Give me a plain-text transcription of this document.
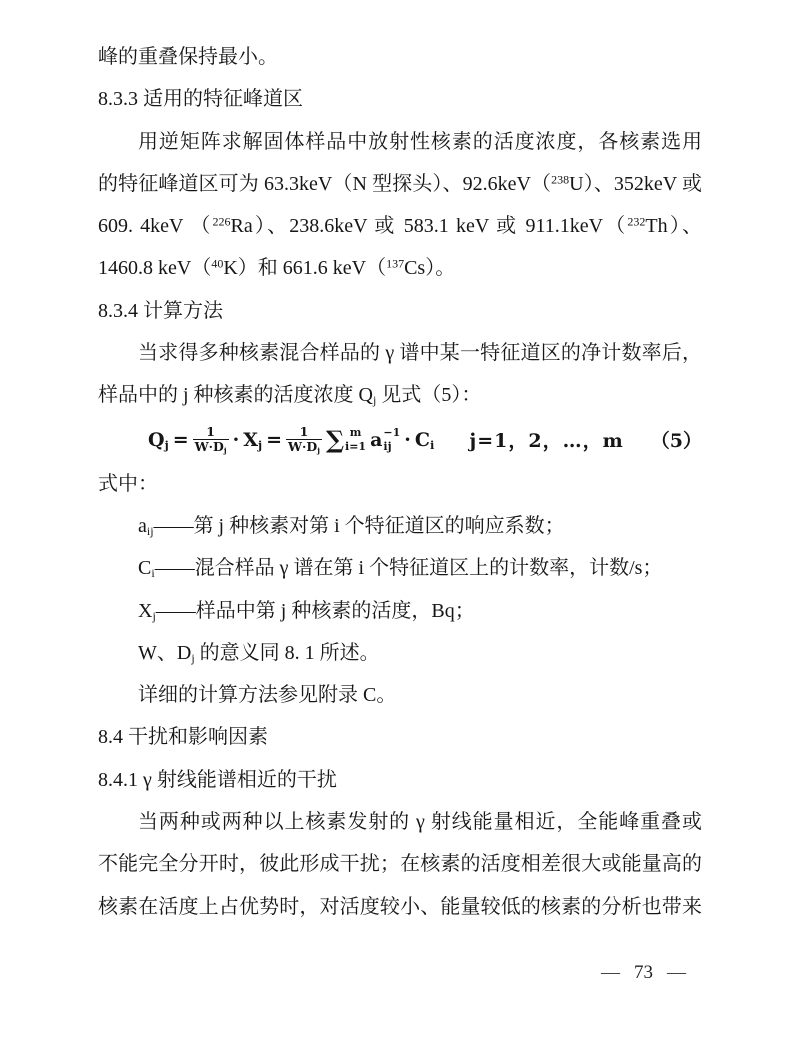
峰的重叠保持最小。

8.3.3 适用的特征峰道区

用逆矩阵求解固体样品中放射性核素的活度浓度，各核素选用

的特征峰道区可为 63.3keV（N 型探头）、92.6keV（$^{238}$U）、352keV 或

609. 4keV （$^{226}$Ra）、238.6keV 或 583.1 keV 或 911.1keV（$^{232}$Th）、

1460.8 keV（$^{40}$K）和 661.6 keV（$^{137}$Cs）。

8.3.4 计算方法

当求得多种核素混合样品的 γ 谱中某一特征道区的净计数率后，

样品中的 j 种核素的活度浓度 $Q_j$ 见式（5）：

$Q_j = \frac{1}{W\cdot D_j} \cdot X_j = \frac{1}{W\cdot D_j}$ ∑ m
i=1 a −1
ij · $C_i$ j=1，2，…，m （5）

式中：

$a_{ij}——$第 j 种核素对第 i 个特征道区的响应系数；

$C_i——$混合样品 γ 谱在第 i 个特征道区上的计数率，计数/s；

$X_j——$样品中第 j 种核素的活度，Bq；

W、$D_j$ 的意义同 8. 1 所述。

详细的计算方法参见附录 C。

8.4 干扰和影响因素

8.4.1 γ 射线能谱相近的干扰

当两种或两种以上核素发射的 γ 射线能量相近，全能峰重叠或

不能完全分开时，彼此形成干扰；在核素的活度相差很大或能量高的

核素在活度上占优势时，对活度较小、能量较低的核素的分析也带来

— 73 —
